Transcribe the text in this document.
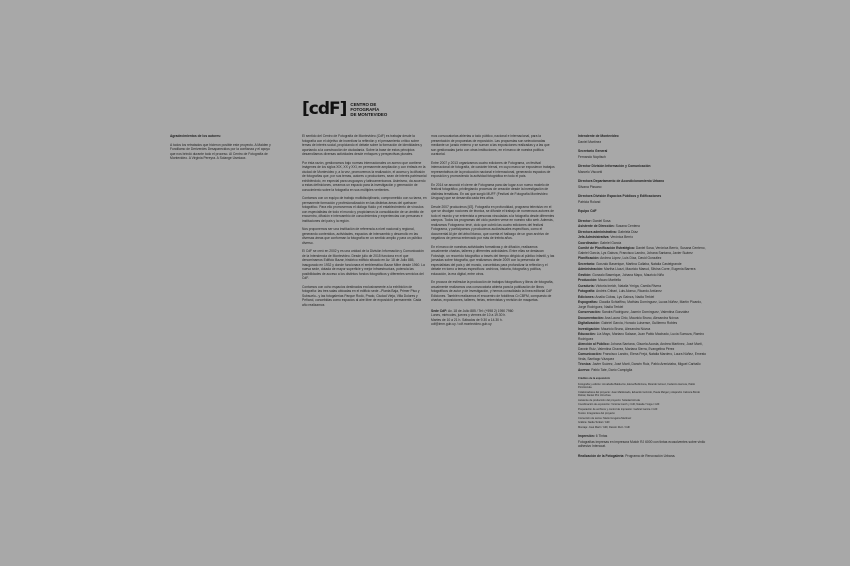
[cdF] CENTRO DE
FOTOGRAFÍA
DE MONTEVIDEO

Agradecimientos de los autores:

A todos los retratados que hicieron posible este proyecto. A Maiden y Fundilamo de Deriverdes Desaparecidos por la confianza y el apoyo que nos brindó durante todo el proceso. Al Centro de Fotografía de Montevideo. A Virginia Pereyra. A Solange Usmiaux.

El sentido del Centro de Fotografía de Montevideo (CdF) es trabajar desde la fotografía con el objetivo de incentivar la reflexión y el pensamiento crítico sobre temas de interés social, propiciando el debate sobre la formación de identidades y aportando a la construcción de ciudadanía. Sobre la base de estos principios desarrollamos diversas actividades desde enfoques y perspectivas plurales.

Por ésta razón, gestionamos bajo normas internacionales un acervo que contiene imágenes de los siglos XIX, XX y XXI, en permanente ampliación y con énfasis en la ciudad de Montevideo y, a la vez, promovemos la realización, el acceso y la difusión de fotografías que, por sus temas, autores o productores, sean de interés patrimonial exhibiéndolo, en especial para uruguayos y latinoamericanos. Asimismo, da acuerdo a estas definiciones, creamos un espacio para la investigación y generación de conocimiento sobre la fotografía en sus múltiples vertientes.

Contamos con un equipo de trabajo multidisciplinario, comprometido con su tarea, en permanente formación y profesionalización en las distintas áreas del quehacer fotográfico. Para ello promovemos el diálogo fluido y el establecimiento de vínculos con especialistas de todo el mundo y propiciamos la consolidación de un ámbito de encuentro, difusión e intercambio de conocimientos y experiencias con personas e instituciones del país y la región.

Nos proponemos ser una institución de referencia a nivel nacional y regional, generando contenidos, actividades, espacios de intercambio y desarrollo en las diversas áreas que conforman la fotografía en un sentido amplio y para un público diverso.

El CdF se creó en 2002 y es una unidad de la División Información y Comunicación de la Intendencia de Montevideo. Desde julio de 2015 funciona en el que denominamos Edificio Bazar, histórico edificio situado en Av. 18 de Julio 885, inaugurado en 1932 y donde funcionara el emblemático Bazar Mitre desde 1960. La nueva sede, dotada de mayor superficie y mejor infraestructura, potencia las posibilidades de acceso a los distintos fondos fotográficos y diferentes servicios del CdF.

Contamos con ocho espacios destinados exclusivamente a la exhibición de fotografía: las tres salas ubicadas en el edificio sede –Planta Baja, Primer Piso y Subsuelo– y las fotogalerías Parque Rodó, Prado, Ciudad Vieja, Villa Dolores y Peñarol, concebidas como espacios al aire libre de exposición permanente. Cada año realizamos

mos convocatorias abiertas a todo público, nacional e internacional, para la presentación de propuestas de exposición. Las propuestas son seleccionadas mediante un jurado externo y se suman a las exposiciones realizadas y a las que son gestionadas junto con otras instituciones, en el marco de nuestra política curatorial.

Entre 2007 y 2013 organizamos cuatro ediciones de Fotograma, un festival internacional de fotografía, de carácter bienal, en cuyo marco se expusieron trabajos representativos de la producción nacional e internacional, generando espacios de exposición y promoviendo la actividad fotográfica en todo el país.

En 2014 se anunció el cierre de Fotograma para dar lugar a un nuevo modelo de festival fotográfico, privilegiando procesos de creación desde la investigación de distintas temáticas. En así que surgió MUFF (Festival de Fotografía Montevideo Uruguay) que se desarrolla cada tres años.

Desde 2007 producimos [f/2]. Fotografía en profundidad, programa televisivo en el que se divulgan nociones de técnica, se difunde el trabajo de numerosos autores de todo el mundo y se entrevista a personas vinculadas a la fotografía desde diferentes campos. Todos los programas del ciclo pueden verse en nuestro sitio web. Además, realizamos Fotograma: tevé, ciclo que cubrió las cuatro ediciones del festival Fotograma, y participamos y producimos audiovisuales específicos, como el documental Al pie del árbol blanco, que cuenta el hallazgo de un gran archivo de negativos de prensa entrevado por más de treinta años.

En el marco de nuestras actividades formativas y de difusión, realizamos anualmente charlas, talleres y diferentes actividades. Entre ellas se destacan Fotoviaje, un recorrido fotográfico a través del tiempo dirigido al público infantil, y las jornadas sobre fotografía, que realizamos desde 2009 con la presencia de especialistas del país y del mundo, concebidas para profundizar la reflexión y el debate en torno a temas específicos: archivos, historia, fotografía y política, educación, la era digital, entre otros.

En procura de estimular la producción de trabajos fotográficos y libros de fotografía, anualmente realizamos una convocatoria abierta para la publicación de libros fotográficos de autor y de investigación, y hemos consolidado la línea editorial CdF Ediciones. También realizamos el encuentro de fotolibros Cr.CBFM, compuesto de charlas, exposiciones, talleres, ferias, entrevistas y revisión de maquetas.

Sede CdF: Av. 18 de Julio 885 / Tel: (+598 2) 1950 7960
Lunes, miércoles, jueves y viernes de 10 a 19.30 h.
Martes de 10 a 21 h. Sábados de 9.30 a 14.30 h.
cdf@imm.gub.uy / cdf.montevideo.gub.uy

Intendente de Montevideo

Daniel Martínez

Secretario General

Fernando Nopitsch

Director División Información y Comunicación

Marcelo Visconti

Directora Departamento de Acondicionamiento Urbano

Silvana Pissano

Directora División Espacios Públicos y Edificaciones

Patricia Roland

Equipo CdF

Director: Daniel Sosa

Asistente de Dirección: Susana Centeno

Directora administrativa: Gabriela Díaz

Jefa Administrativa: Verónica Berrío

Coordinador: Gabriel García

Comité de Planificación Estratégica: Daniel Sosa, Verónica Berrío, Susana Centeno, Gabriel García, Lys Gainza, Francisco Landro, Johana Santana, Javier Suárez

Planificación: Andrea López, Luis Díaz, David González

Secretaría: Gonzalo Baserique, Martina Callaba, Natalia Castelgrande

Administración: Martha Lluzzi, Mauricio Maeud, Silvina Corre, Eugenia Barrera

Gestión: Gonzalo Baserique, Johana Mapo, Mauricio Niño

Producción: Mauro Martiella

Curaduría: Victoria Ineich, Natalia Ymiga, Camila Rivera

Fotografía: Andrés Cribari, Luis Alonso, Ricardo Antúnez

Ediciones: Analía Cúbas, Lys Gainza, Nadia Terkiel

Espografías: Claudia Schiaffino, Mathías Domínguez, Lucas Núñez, Martín Picardo, Jorge Rodríguez, Nadia Terkiel

Conservación: Sandra Rodríguez, Jazmín Domínguez, Valentina González

Documentación: Ana Laura Cirio, Mauricio Bruno, Alexandra Nóvoa

Digitalización: Gabriel García, Horacio Luisense, Guillermo Robles

Investigación: Mauricio Bruno, Alexandra Nóvoa

Educación: Lía Mayo, Mariano Salazar, Juan Pablo Machado, Lucía Sumoza, Ramiro Rodríguez

Atención al Público: Johana Santana, Gisoela Acosta, Andrea Martínez, José Martí, Darwin Ruiz, Valentina Chavez, Mariana Sierra, Evangelina Pérez

Comunicación: Francisco Landro, Elena Frejá, Natalia Mardero, Laura Núñez, Ernesto Veda, Santiago Vázquez

Técnica: Javier Suárez, José Martí, Darwin Ruiz, Pablo Areniziaba, Miguel Carballo

Acervo: Pablo Tate, Darío Campiglia

Créditos de la exposición:

Fotografía y edición: Annabella Balduvino, Elena Bellinzona, Ricardo Gómez, Federico Herrera, Pablo Porciúncula

Colaboradores del proyecto: Juan Maldonado, Eduardo Gozzolo, Paula Melgar y Alejandro Cabrera Bordo Robial, Daniel Pini Urruchua

Asistente de producción del proyecto: Soledad Arruda

Coordinación de exposición: Victoria Ineich y CdF, Natalia Ymiga / CdF

Preparación de archivos y control de impresión: Gabriel García / CdF

Textos: Integrantes del proyecto

Corrección de textos: Mario Grugeira Martínez

Gráfica: Nadia Terkiel / CdF

Montaje: José Martí / CdF, Darwin Ruiz / CdF

Impresión: 6 Tintas

Fotografías impresas en impresora Mutoh RJ 6000 con tintas ecosolventes sobre vinilo adhesivo Intercoat.

Realización de la Fotogalería: Programa de Renovación Urbana.
